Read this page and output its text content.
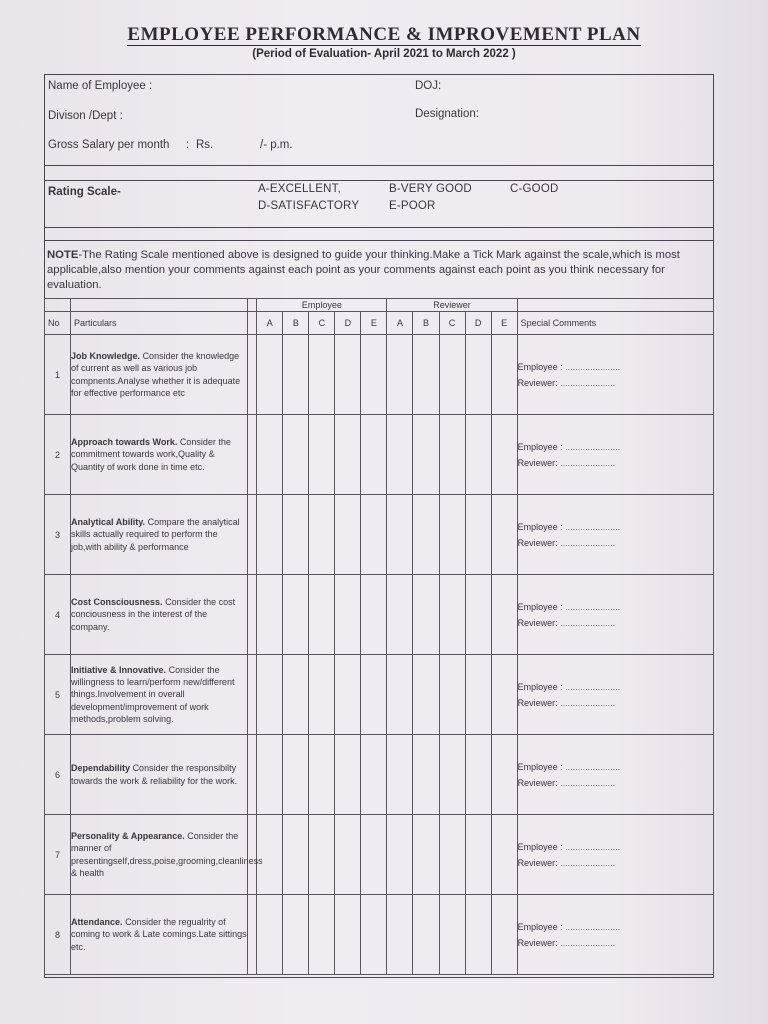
EMPLOYEE PERFORMANCE & IMPROVEMENT PLAN
(Period of Evaluation- April 2021 to March 2022 )
Name of Employee :	DOJ:
Divison /Dept :	Designation:
Gross Salary per month : Rs.	/- p.m.
Rating Scale-	A-EXCELLENT,	B-VERY GOOD	C-GOOD
D-SATISFACTORY	E-POOR
NOTE-The Rating Scale mentioned above is designed to guide your thinking.Make a Tick Mark against the scale,which is most applicable,also mention your comments against each point as your comments against each point as you think necessary for evaluation.
			Employee					Reviewer					
No	Particulars		A	B	C	D	E	A	B	C	D	E	Special Comments
1	Job Knowledge. Consider the knowledge of current as well as various job compnents.Analyse whether it is adequate for effective performance etc												Employee : ......................
Reviewer: ......................

2	Approach towards Work. Consider the commitment towards work,Quality & Quantity of work done in time etc.												Employee : ......................
Reviewer: ......................

3	Analytical Ability. Compare the analytical skills actually required to perform the job,with ability & performance												Employee : ......................
Reviewer: ......................

4	Cost Consciousness. Consider the cost conciousness in the interest of the company.												Employee : ......................
Reviewer: ......................

5	Initiative & Innovative. Consider the willingness to learn/perform new/different things.Involvement in overall development/improvement of work methods,problem solving.												Employee : ......................
Reviewer: ......................

6	Dependability Consider the responsibilty towards the work & reliability for the work.												Employee : ......................
Reviewer: ......................

7	Personality & Appearance. Consider the manner of presentingself,dress,poise,grooming,cleanliness & health												Employee : ......................
Reviewer: ......................

8	Attendance. Consider the regualrity of coming to work & Late comings.Late sittings etc.												Employee : ......................
Reviewer: ......................
